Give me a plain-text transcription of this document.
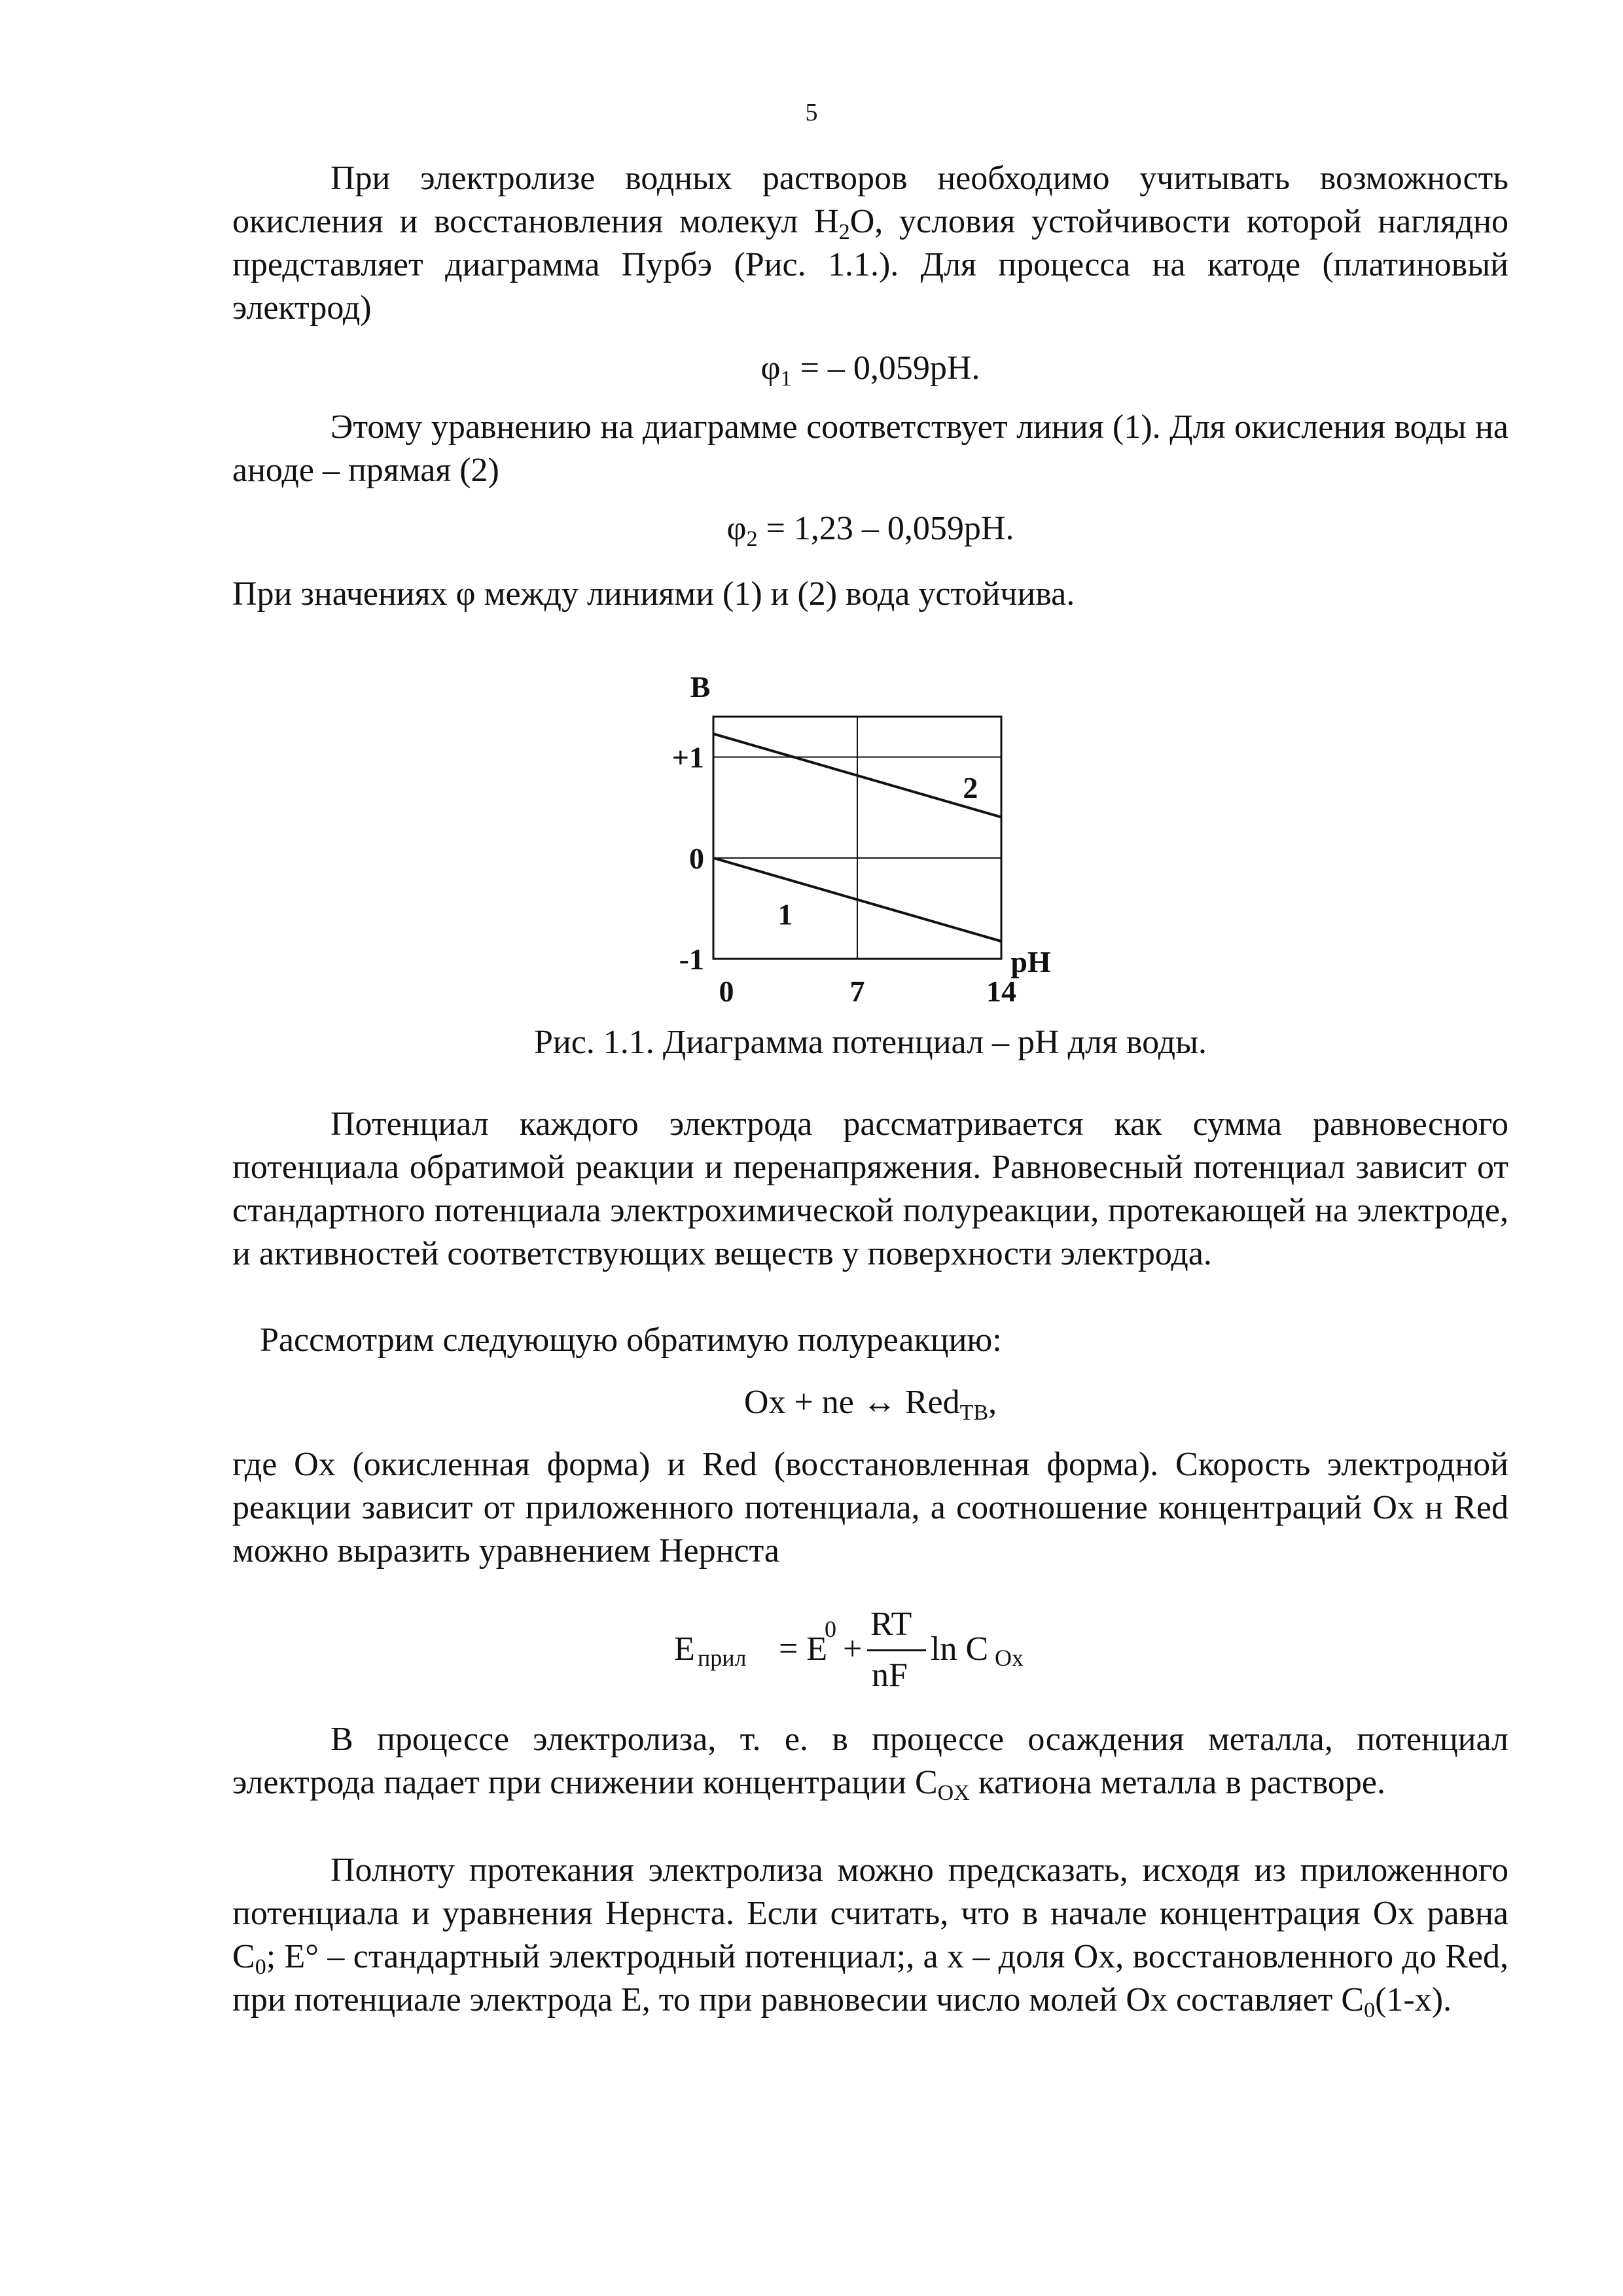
5

При электролизе водных растворов необходимо учитывать возможность окисления и восстановления молекул $H_2O$, условия устойчивости которой наглядно представляет диаграмма Пурбэ (Рис. 1.1.). Для процесса на катоде (платиновый электрод)

$\varphi_1$ = – 0,059pH.

Этому уравнению на диаграмме соответствует линия (1). Для окисления воды на аноде – прямая (2)

$\varphi_2 = 1,23 - 0,059pH$.

При значениях φ между линиями (1) и (2) вода устойчива.

1
2
B
+1
0
-1
0	7	14
pH
Рис. 1.1. Диаграмма потенциал – pH для воды.

Потенциал каждого электрода рассматривается как сумма равновесного потенциала обратимой реакции и перенапряжения. Равновесный потенциал зависит от стандартного потенциала электрохимической полуреакции, протекающей на электроде, и активностей соответствующих веществ у поверхности электрода.

Рассмотрим следующую обратимую полуреакцию:

Ox + ne ↔ Red$_{ТВ}$,

где Ox (окисленная форма) и Red (восстановленная форма). Скорость электродной реакции зависит от приложенного потенциала, а соотношение концентраций Ox н Red можно выразить уравнением Нернста

E прил = E
0
+
RT
nF
ln C Ox

В процессе электролиза, т. е. в процессе осаждения металла, потенциал электрода падает при снижении концентрации $C_{OX}$ катиона металла в растворе.

Полноту протекания электролиза можно предсказать, исходя из приложенного потенциала и уравнения Нернста. Если считать, что в начале концентрация Ox равна $C_0$; E° – стандартный электродный потенциал;, а x – доля Ox, восстановленного до Red, при потенциале электрода E, то при равновесии число молей Ox составляет $C_0(1-x)$.
